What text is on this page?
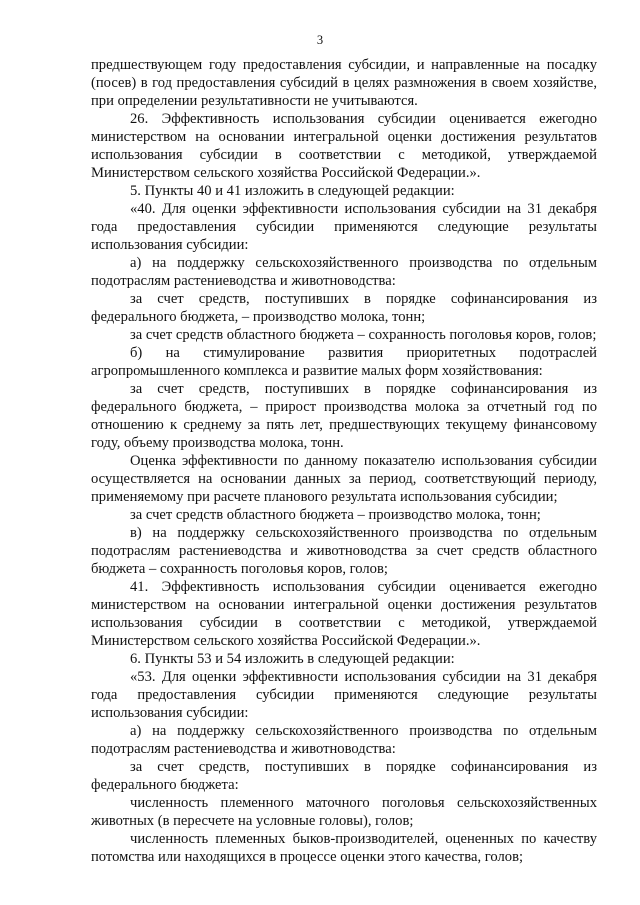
3

предшествующем году предоставления субсидии, и направленные на посадку (посев) в год предоставления субсидий в целях размножения в своем хозяйстве, при определении результативности не учитываются.

26. Эффективность использования субсидии оценивается ежегодно министерством на основании интегральной оценки достижения результатов использования субсидии в соответствии с методикой, утверждаемой Министерством сельского хозяйства Российской Федерации.».

5. Пункты 40 и 41 изложить в следующей редакции:

«40. Для оценки эффективности использования субсидии на 31 декабря года предоставления субсидии применяются следующие результаты использования субсидии:

а) на поддержку сельскохозяйственного производства по отдельным подотраслям растениеводства и животноводства:

за счет средств, поступивших в порядке софинансирования из федерального бюджета, – производство молока, тонн;

за счет средств областного бюджета – сохранность поголовья коров, голов;

б) на стимулирование развития приоритетных подотраслей агропромышленного комплекса и развитие малых форм хозяйствования:

за счет средств, поступивших в порядке софинансирования из федерального бюджета, – прирост производства молока за отчетный год по отношению к среднему за пять лет, предшествующих текущему финансовому году, объему производства молока, тонн.

Оценка эффективности по данному показателю использования субсидии осуществляется на основании данных за период, соответствующий периоду, применяемому при расчете планового результата использования субсидии;

за счет средств областного бюджета – производство молока, тонн;

в) на поддержку сельскохозяйственного производства по отдельным подотраслям растениеводства и животноводства за счет средств областного бюджета – сохранность поголовья коров, голов;

41. Эффективность использования субсидии оценивается ежегодно министерством на основании интегральной оценки достижения результатов использования субсидии в соответствии с методикой, утверждаемой Министерством сельского хозяйства Российской Федерации.».

6. Пункты 53 и 54 изложить в следующей редакции:

«53. Для оценки эффективности использования субсидии на 31 декабря года предоставления субсидии применяются следующие результаты использования субсидии:

а) на поддержку сельскохозяйственного производства по отдельным подотраслям растениеводства и животноводства:

за счет средств, поступивших в порядке софинансирования из федерального бюджета:

численность племенного маточного поголовья сельскохозяйственных животных (в пересчете на условные головы), голов;

численность племенных быков-производителей, оцененных по качеству потомства или находящихся в процессе оценки этого качества, голов;
